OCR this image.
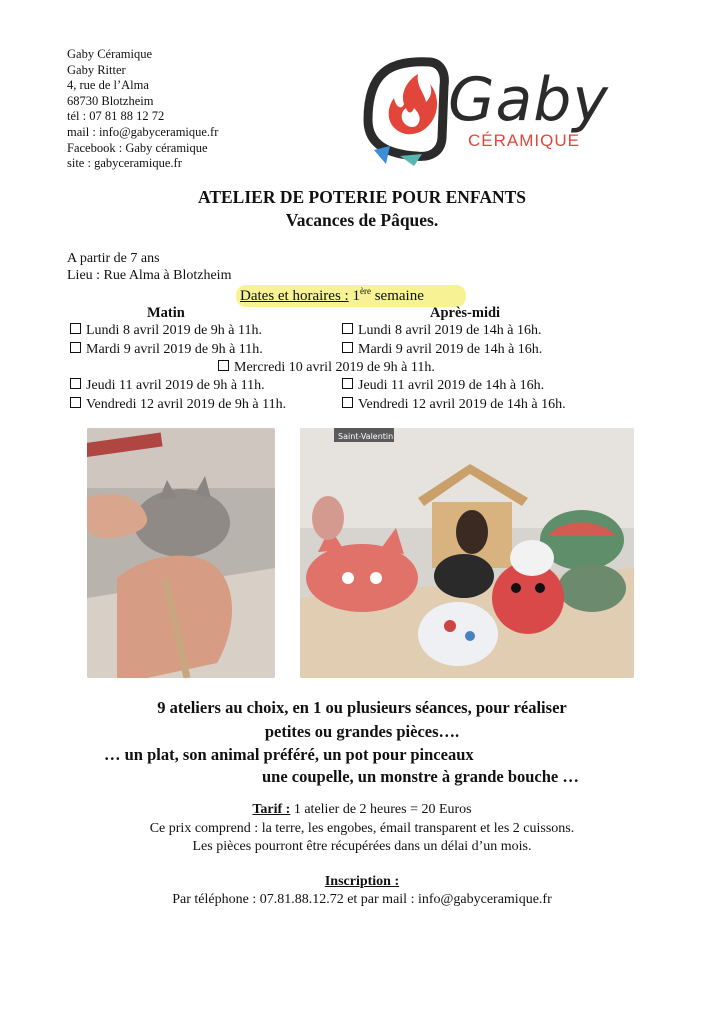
Gaby Céramique
Gaby Ritter
4, rue de l’Alma
68730 Blotzheim
tél : 07 81 88 12 72
mail : info@gabyceramique.fr
Facebook : Gaby céramique
site : gabyceramique.fr
Gaby
CÉRAMIQUE
ATELIER DE POTERIE POUR ENFANTS
Vacances de Pâques.
A partir de 7 ans
Lieu : Rue Alma à Blotzheim
Dates et horaires : 1ère semaine
Matin	Après-midi
Lundi 8 avril 2019 de 9h à 11h.	Lundi 8 avril 2019 de 14h à 16h.
Mardi 9 avril 2019 de 9h à 11h.	Mardi 9 avril 2019 de 14h à 16h.
Mercredi 10 avril 2019 de 9h à 11h.
Jeudi 11 avril 2019 de 9h à 11h.	Jeudi 11 avril 2019 de 14h à 16h.
Vendredi 12 avril 2019 de 9h à 11h.	Vendredi 12 avril 2019 de 14h à 16h.
Saint-Valentin
9 ateliers au choix, en 1 ou plusieurs séances, pour réaliser
petites ou grandes pièces….
… un plat, son animal préféré, un pot pour pinceaux
une coupelle, un monstre à grande bouche …
Tarif : 1 atelier de 2 heures = 20 Euros
Ce prix comprend : la terre, les engobes, émail transparent et les 2 cuissons.
Les pièces pourront être récupérées dans un délai d’un mois.
Inscription :
Par téléphone : 07.81.88.12.72 et par mail : info@gabyceramique.fr
